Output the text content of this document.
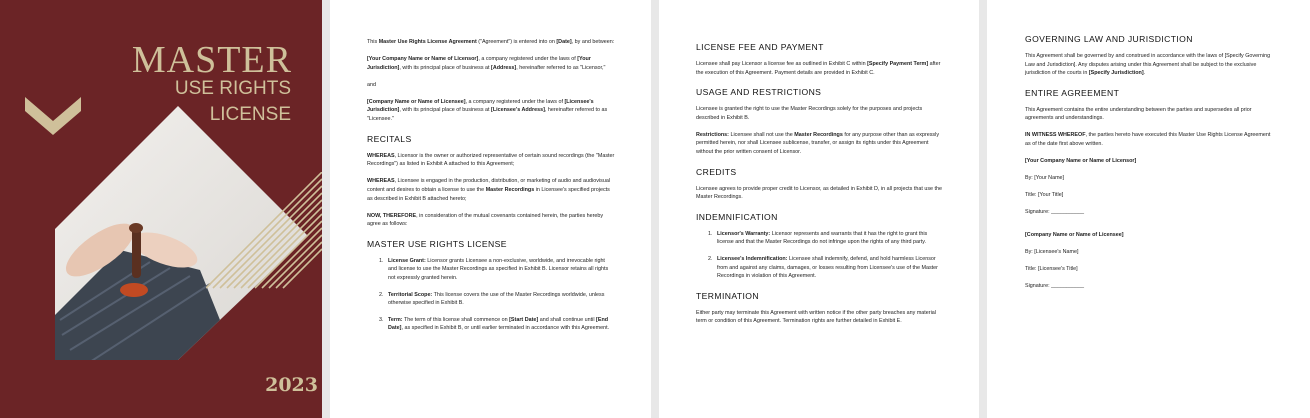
MASTER
USE RIGHTS
LICENSE
2023

This Master Use Rights License Agreement ("Agreement") is entered into on [Date], by and between:

[Your Company Name or Name of Licensor], a company registered under the laws of [Your Jurisdiction], with its principal place of business at [Address], hereinafter referred to as "Licensor,"

and

[Company Name or Name of Licensee], a company registered under the laws of [Licensee's Jurisdiction], with its principal place of business at [Licensee's Address], hereinafter referred to as "Licensee."

RECITALS

WHEREAS, Licensor is the owner or authorized representative of certain sound recordings (the "Master Recordings") as listed in Exhibit A attached to this Agreement;

WHEREAS, Licensee is engaged in the production, distribution, or marketing of audio and audiovisual content and desires to obtain a license to use the Master Recordings in Licensee's specified projects as described in Exhibit B attached hereto;

NOW, THEREFORE, in consideration of the mutual covenants contained herein, the parties hereby agree as follows:

MASTER USE RIGHTS LICENSE
1. License Grant: Licensor grants Licensee a non-exclusive, worldwide, and irrevocable right and license to use the Master Recordings as specified in Exhibit B. Licensor retains all rights not expressly granted herein.
2. Territorial Scope: This license covers the use of the Master Recordings worldwide, unless otherwise specified in Exhibit B.
3. Term: The term of this license shall commence on [Start Date] and shall continue until [End Date], as specified in Exhibit B, or until earlier terminated in accordance with this Agreement.
LICENSE FEE AND PAYMENT

Licensee shall pay Licensor a license fee as outlined in Exhibit C within [Specify Payment Term] after the execution of this Agreement. Payment details are provided in Exhibit C.

USAGE AND RESTRICTIONS

Licensee is granted the right to use the Master Recordings solely for the purposes and projects described in Exhibit B.

Restrictions: Licensee shall not use the Master Recordings for any purpose other than as expressly permitted herein, nor shall Licensee sublicense, transfer, or assign its rights under this Agreement without the prior written consent of Licensor.

CREDITS

Licensee agrees to provide proper credit to Licensor, as detailed in Exhibit D, in all projects that use the Master Recordings.

INDEMNIFICATION
1. Licensor's Warranty: Licensor represents and warrants that it has the right to grant this license and that the Master Recordings do not infringe upon the rights of any third party.
2. Licensee's Indemnification: Licensee shall indemnify, defend, and hold harmless Licensor from and against any claims, damages, or losses resulting from Licensee's use of the Master Recordings in violation of this Agreement.
TERMINATION

Either party may terminate this Agreement with written notice if the other party breaches any material term or condition of this Agreement. Termination rights are further detailed in Exhibit E.

GOVERNING LAW AND JURISDICTION

This Agreement shall be governed by and construed in accordance with the laws of [Specify Governing Law and Jurisdiction]. Any disputes arising under this Agreement shall be subject to the exclusive jurisdiction of the courts in [Specify Jurisdiction].

ENTIRE AGREEMENT

This Agreement contains the entire understanding between the parties and supersedes all prior agreements and understandings.

IN WITNESS WHEREOF, the parties hereto have executed this Master Use Rights License Agreement as of the date first above written.

[Your Company Name or Name of Licensor]

By: [Your Name]

Title: [Your Title]

Signature: ___________

[Company Name or Name of Licensee]

By: [Licensee's Name]

Title: [Licensee's Title]

Signature: ___________
